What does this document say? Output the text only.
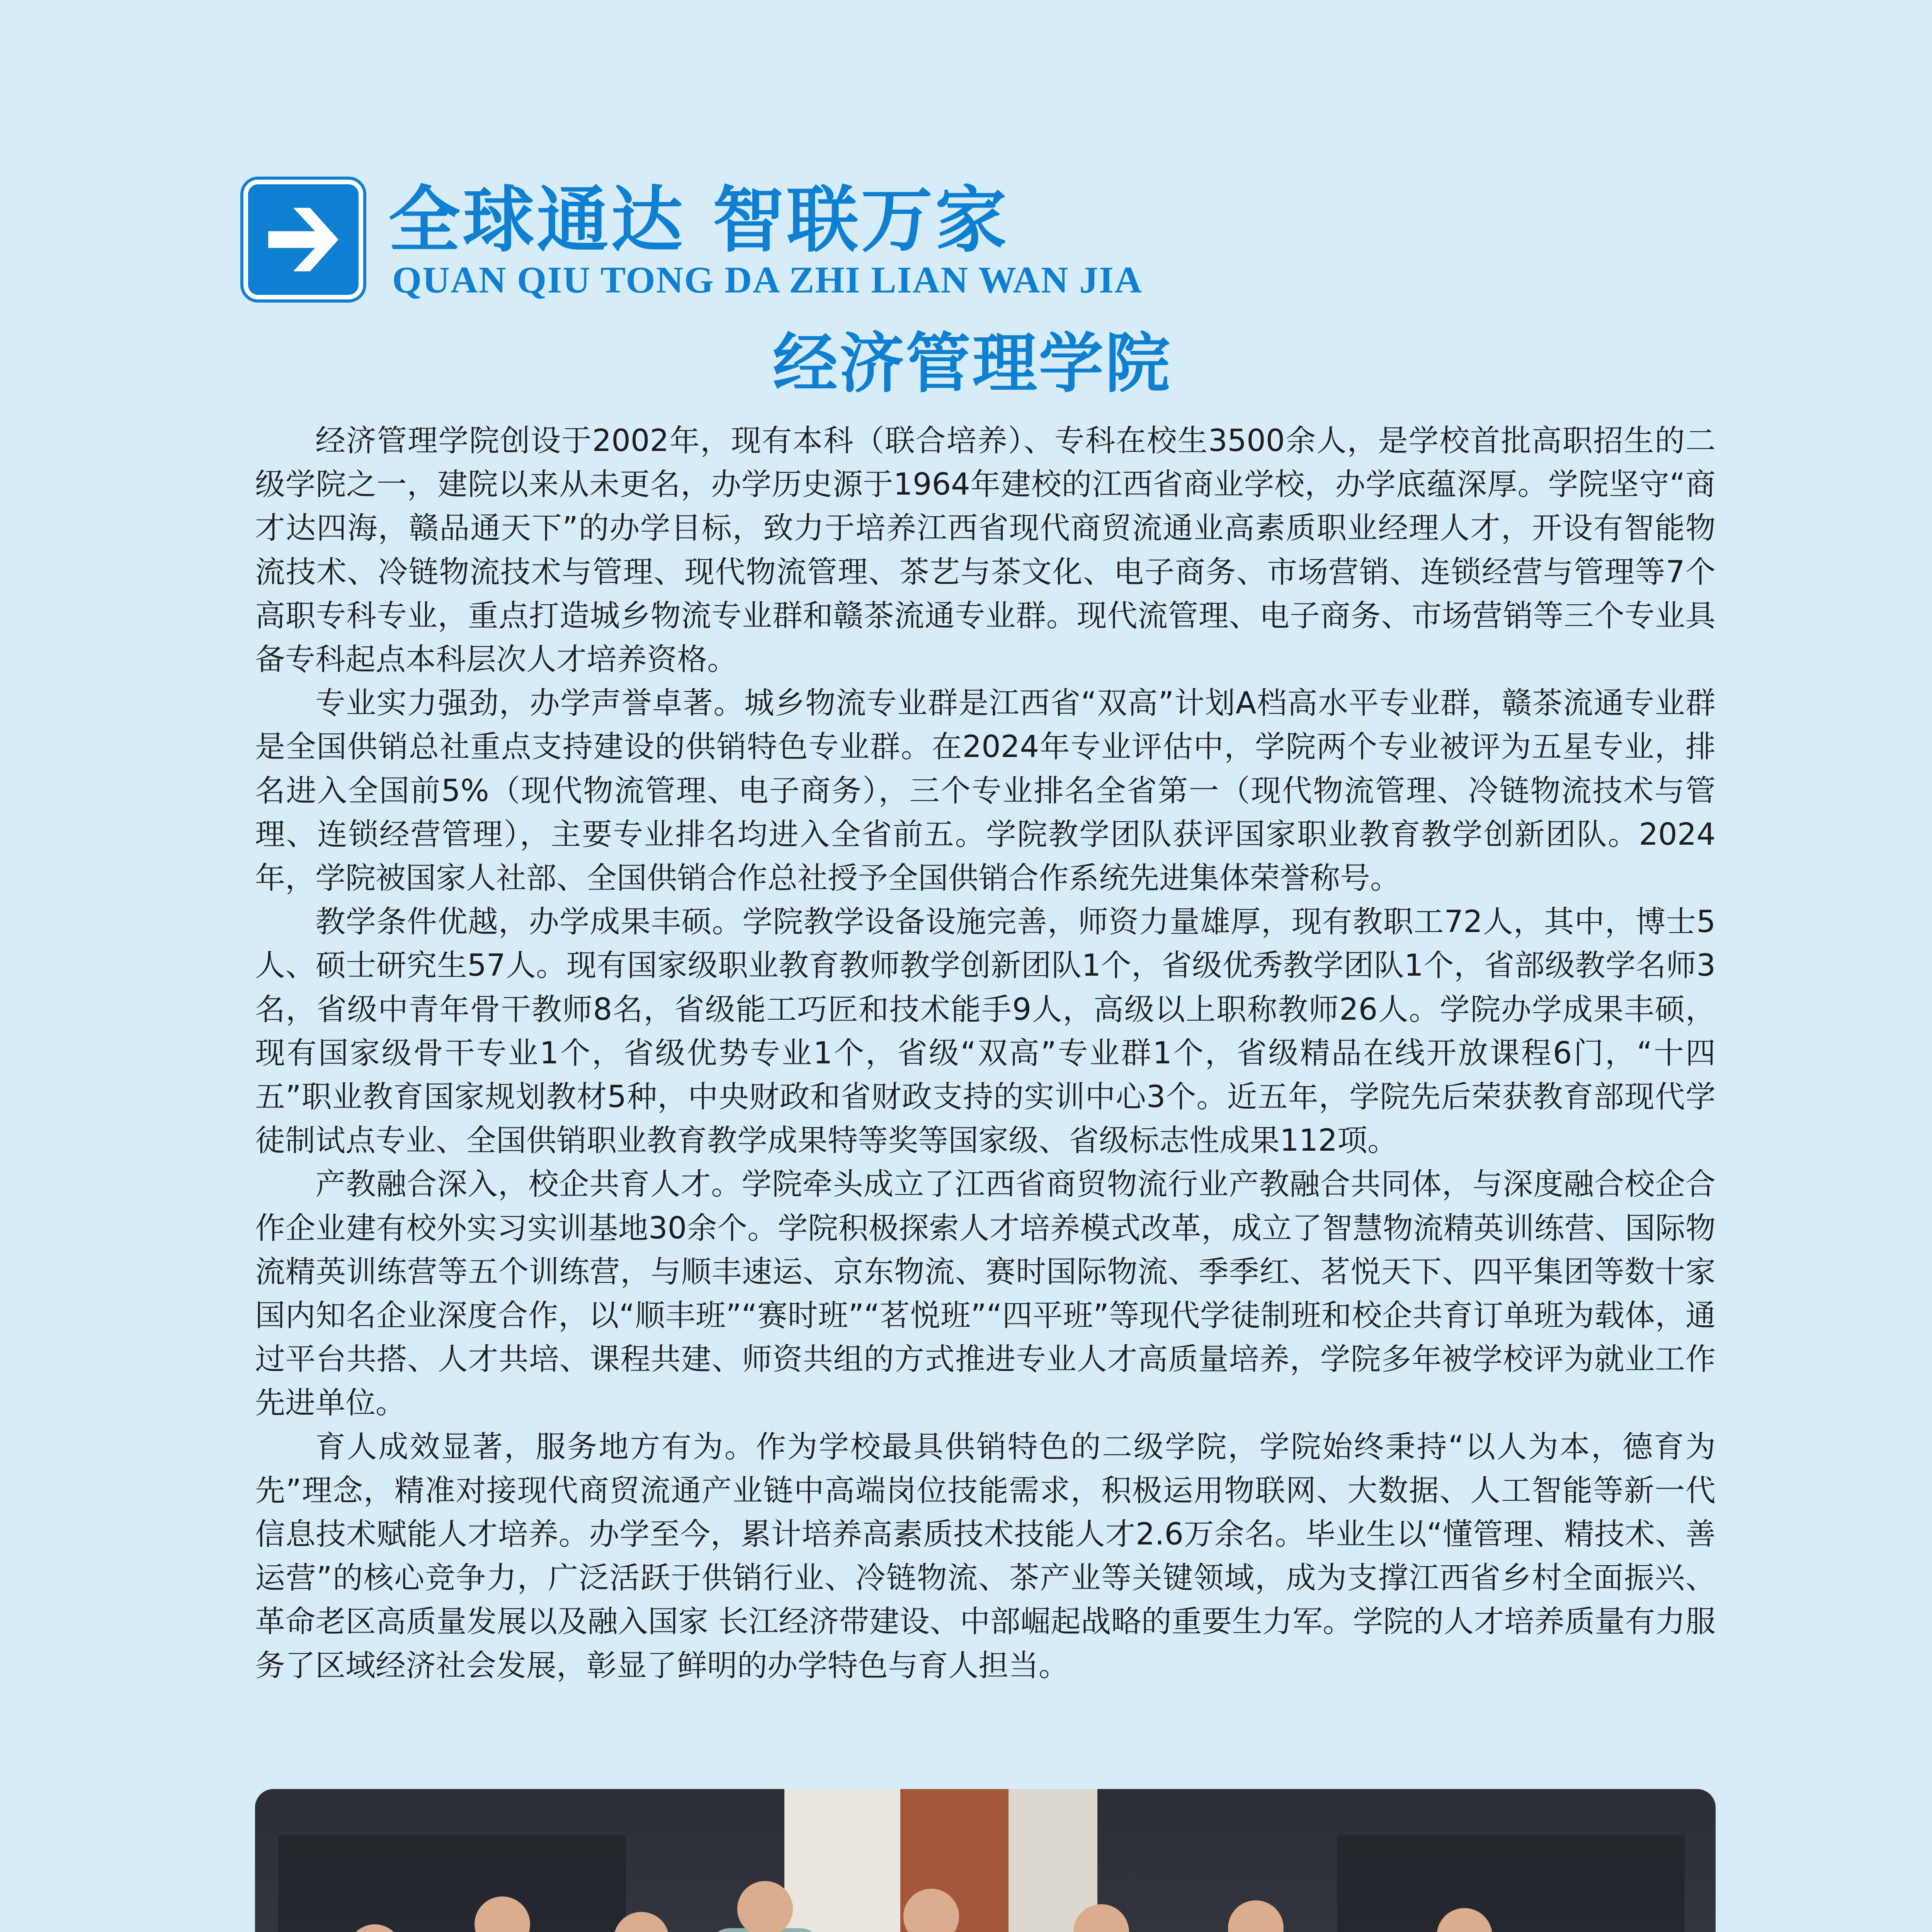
全球通达 智联万家
QUAN QIU TONG DA ZHI LIAN WAN JIA
经济管理学院

经济管理学院创设于2002年，现有本科（联合培养）、专科在校生3500余人，是学校首批高职招生的二级学院之一，建院以来从未更名，办学历史源于1964年建校的江西省商业学校，办学底蕴深厚。学院坚守“商才达四海，赣品通天下”的办学目标，致力于培养江西省现代商贸流通业高素质职业经理人才，开设有智能物流技术、冷链物流技术与管理、现代物流管理、茶艺与茶文化、电子商务、市场营销、连锁经营与管理等7个高职专科专业，重点打造城乡物流专业群和赣茶流通专业群。现代流管理、电子商务、市场营销等三个专业具备专科起点本科层次人才培养资格。

专业实力强劲，办学声誉卓著。城乡物流专业群是江西省“双高”计划A档高水平专业群，赣茶流通专业群是全国供销总社重点支持建设的供销特色专业群。在2024年专业评估中，学院两个专业被评为五星专业，排名进入全国前5%（现代物流管理、电子商务），三个专业排名全省第一（现代物流管理、冷链物流技术与管理、连锁经营管理），主要专业排名均进入全省前五。学院教学团队获评国家职业教育教学创新团队。2024年，学院被国家人社部、全国供销合作总社授予全国供销合作系统先进集体荣誉称号。

教学条件优越，办学成果丰硕。学院教学设备设施完善，师资力量雄厚，现有教职工72人，其中，博士5人、硕士研究生57人。现有国家级职业教育教师教学创新团队1个，省级优秀教学团队1个，省部级教学名师3名，省级中青年骨干教师8名，省级能工巧匠和技术能手9人，高级以上职称教师26人。学院办学成果丰硕，现有国家级骨干专业1个，省级优势专业1个，省级“双高”专业群1个，省级精品在线开放课程6门，“十四五”职业教育国家规划教材5种，中央财政和省财政支持的实训中心3个。近五年，学院先后荣获教育部现代学徒制试点专业、全国供销职业教育教学成果特等奖等国家级、省级标志性成果112项。

产教融合深入，校企共育人才。学院牵头成立了江西省商贸物流行业产教融合共同体，与深度融合校企合作企业建有校外实习实训基地30余个。学院积极探索人才培养模式改革，成立了智慧物流精英训练营、国际物流精英训练营等五个训练营，与顺丰速运、京东物流、赛时国际物流、季季红、茗悦天下、四平集团等数十家国内知名企业深度合作，以“顺丰班”“赛时班”“茗悦班”“四平班”等现代学徒制班和校企共育订单班为载体，通过平台共搭、人才共培、课程共建、师资共组的方式推进专业人才高质量培养，学院多年被学校评为就业工作先进单位。

育人成效显著，服务地方有为。作为学校最具供销特色的二级学院，学院始终秉持“以人为本，德育为先”理念，精准对接现代商贸流通产业链中高端岗位技能需求，积极运用物联网、大数据、人工智能等新一代信息技术赋能人才培养。办学至今，累计培养高素质技术技能人才2.6万余名。毕业生以“懂管理、精技术、善运营”的核心竞争力，广泛活跃于供销行业、冷链物流、茶产业等关键领域，成为支撑江西省乡村全面振兴、革命老区高质量发展以及融入国家 长江经济带建设、中部崛起战略的重要生力军。学院的人才培养质量有力服务了区域经济社会发展，彰显了鲜明的办学特色与育人担当。
